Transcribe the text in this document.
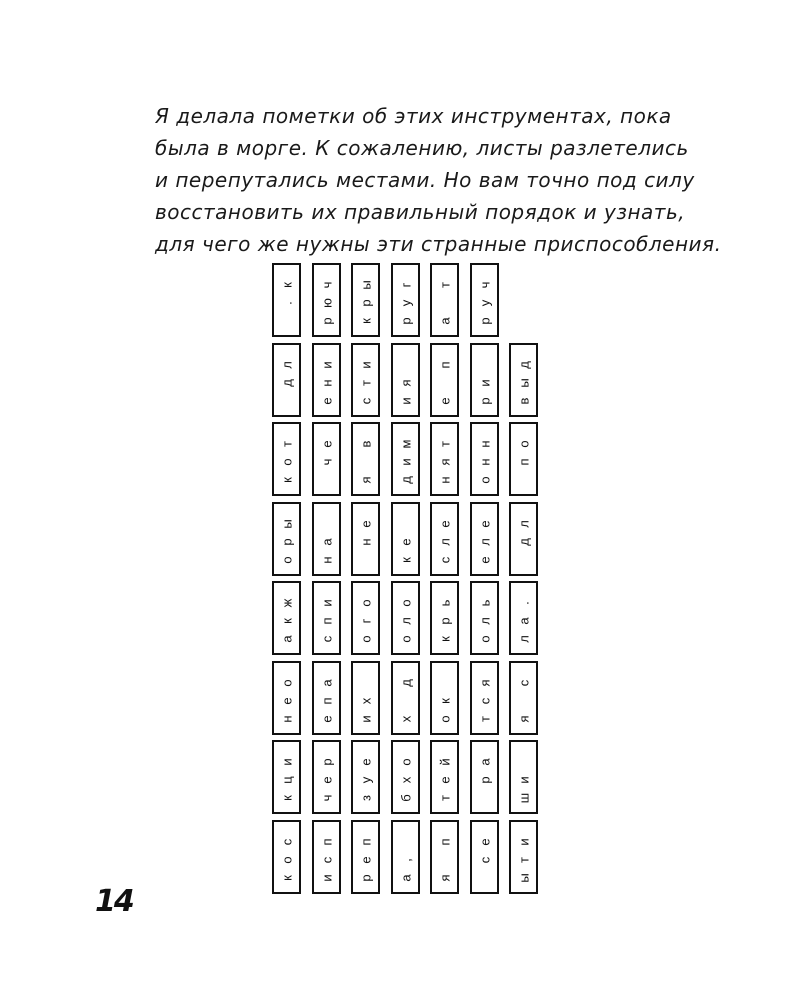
Я делала пометки об этих инструментах, пока
была в морге. К сожалению, листы разлетелись
и перепутались местами. Но вам точно под силу
восстановить их правильный порядок и узнать,
для чего же нужны эти странные приспособления.
к
.
ч
ю
р
ы
р
к
г
у
р
т
а
ч
у
р
л
д
и
н
е
и
т
с
я
и
п
е
и
р
д
ы
в
т
о
к
е
ч
в
я
м
и
д
т
я
н
н
н
о
о
п
ы
р
о
а
н
е
н е
к
е
л
с
е
л
е
л
д
ж
к
а
и
п
с
о
г
о
о
л
о
ь
р
к
ь
л
о
.
а
л
о
е
н
а
п
е
х
и
д
х
к
о
я
с
т
с
я
и
ц
к
р
е
ч
е
у
з
о
х
б
й
е
т
а
р и
ш
с
о
к
п
с
и
п
е
р
,
а
п
я
е
с
и
т
ы
14
